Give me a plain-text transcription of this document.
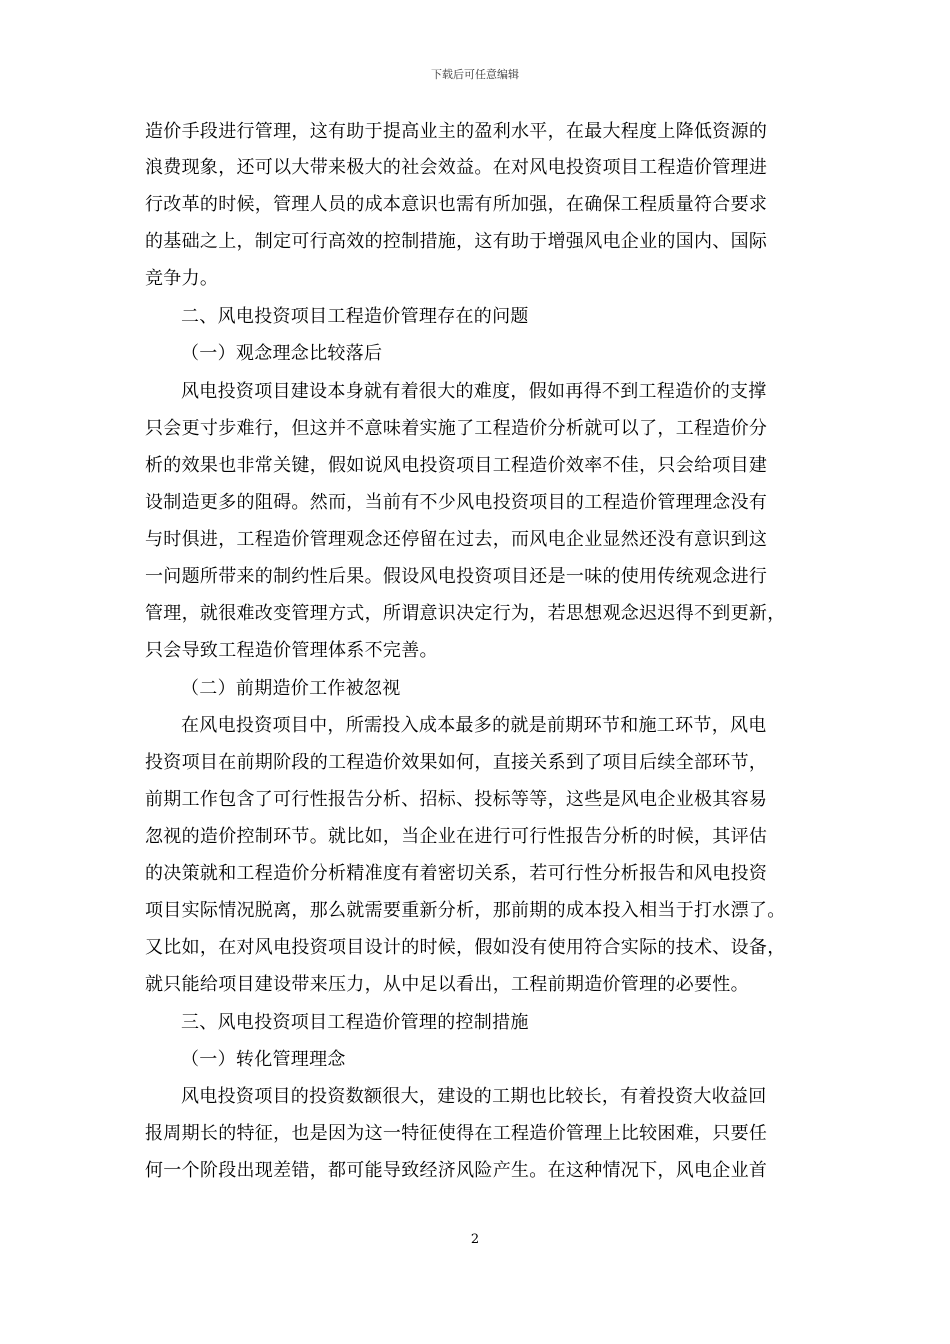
下载后可任意编辑
造价手段进行管理，这有助于提高业主的盈利水平，在最大程度上降低资源的
浪费现象，还可以大带来极大的社会效益。在对风电投资项目工程造价管理进
行改革的时候，管理人员的成本意识也需有所加强，在确保工程质量符合要求
的基础之上，制定可行高效的控制措施，这有助于增强风电企业的国内、国际
竞争力。
二、风电投资项目工程造价管理存在的问题
（一）观念理念比较落后
风电投资项目建设本身就有着很大的难度，假如再得不到工程造价的支撑
只会更寸步难行，但这并不意味着实施了工程造价分析就可以了，工程造价分
析的效果也非常关键，假如说风电投资项目工程造价效率不佳，只会给项目建
设制造更多的阻碍。然而，当前有不少风电投资项目的工程造价管理理念没有
与时俱进，工程造价管理观念还停留在过去，而风电企业显然还没有意识到这
一问题所带来的制约性后果。假设风电投资项目还是一味的使用传统观念进行
管理，就很难改变管理方式，所谓意识决定行为，若思想观念迟迟得不到更新，
只会导致工程造价管理体系不完善。
（二）前期造价工作被忽视
在风电投资项目中，所需投入成本最多的就是前期环节和施工环节，风电
投资项目在前期阶段的工程造价效果如何，直接关系到了项目后续全部环节，
前期工作包含了可行性报告分析、招标、投标等等，这些是风电企业极其容易
忽视的造价控制环节。就比如，当企业在进行可行性报告分析的时候，其评估
的决策就和工程造价分析精准度有着密切关系，若可行性分析报告和风电投资
项目实际情况脱离，那么就需要重新分析，那前期的成本投入相当于打水漂了。
又比如，在对风电投资项目设计的时候，假如没有使用符合实际的技术、设备，
就只能给项目建设带来压力，从中足以看出，工程前期造价管理的必要性。
三、风电投资项目工程造价管理的控制措施
（一）转化管理理念
风电投资项目的投资数额很大，建设的工期也比较长，有着投资大收益回
报周期长的特征，也是因为这一特征使得在工程造价管理上比较困难，只要任
何一个阶段出现差错，都可能导致经济风险产生。在这种情况下，风电企业首
2
